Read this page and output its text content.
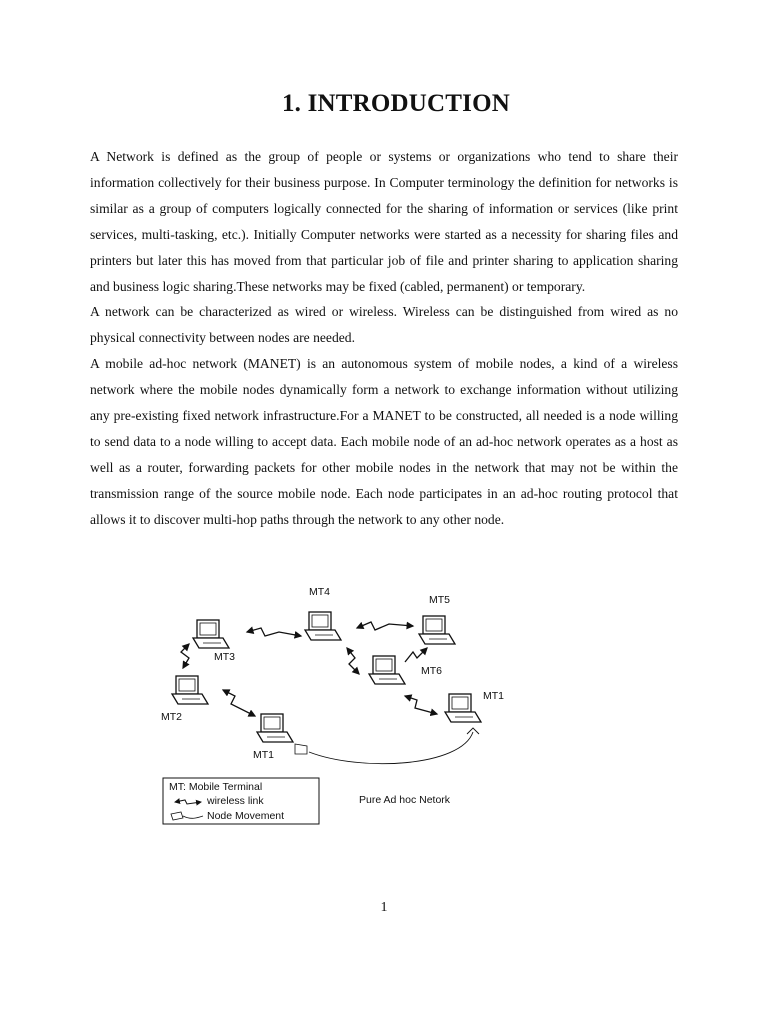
1. INTRODUCTION

A Network is defined as the group of people or systems or organizations who tend to share their information collectively for their business purpose. In Computer terminology the definition for networks is similar as a group of computers logically connected for the sharing of information or services (like print services, multi-tasking, etc.). Initially Computer networks were started as a necessity for sharing files and printers but later this has moved from that particular job of file and printer sharing to application sharing and business logic sharing.These networks may be fixed (cabled, permanent) or temporary.

A network can be characterized as wired or wireless. Wireless can be distinguished from wired as no physical connectivity between nodes are needed.

A mobile ad-hoc network (MANET) is an autonomous system of mobile nodes, a kind of a wireless network where the mobile nodes dynamically form a network to exchange information without utilizing any pre-existing fixed network infrastructure.For a MANET to be constructed, all needed is a node willing to send data to a node willing to accept data. Each mobile node of an ad-hoc network operates as a host as well as a router, forwarding packets for other mobile nodes in the network that may not be within the transmission range of the source mobile node. Each node participates in an ad-hoc routing protocol that allows it to discover multi-hop paths through the network to any other node.

MT4
MT5
MT3
MT6
MT1
MT2
MT1
MT: Mobile Terminal
wireless link
Node Movement
Pure Ad hoc Netork
1
